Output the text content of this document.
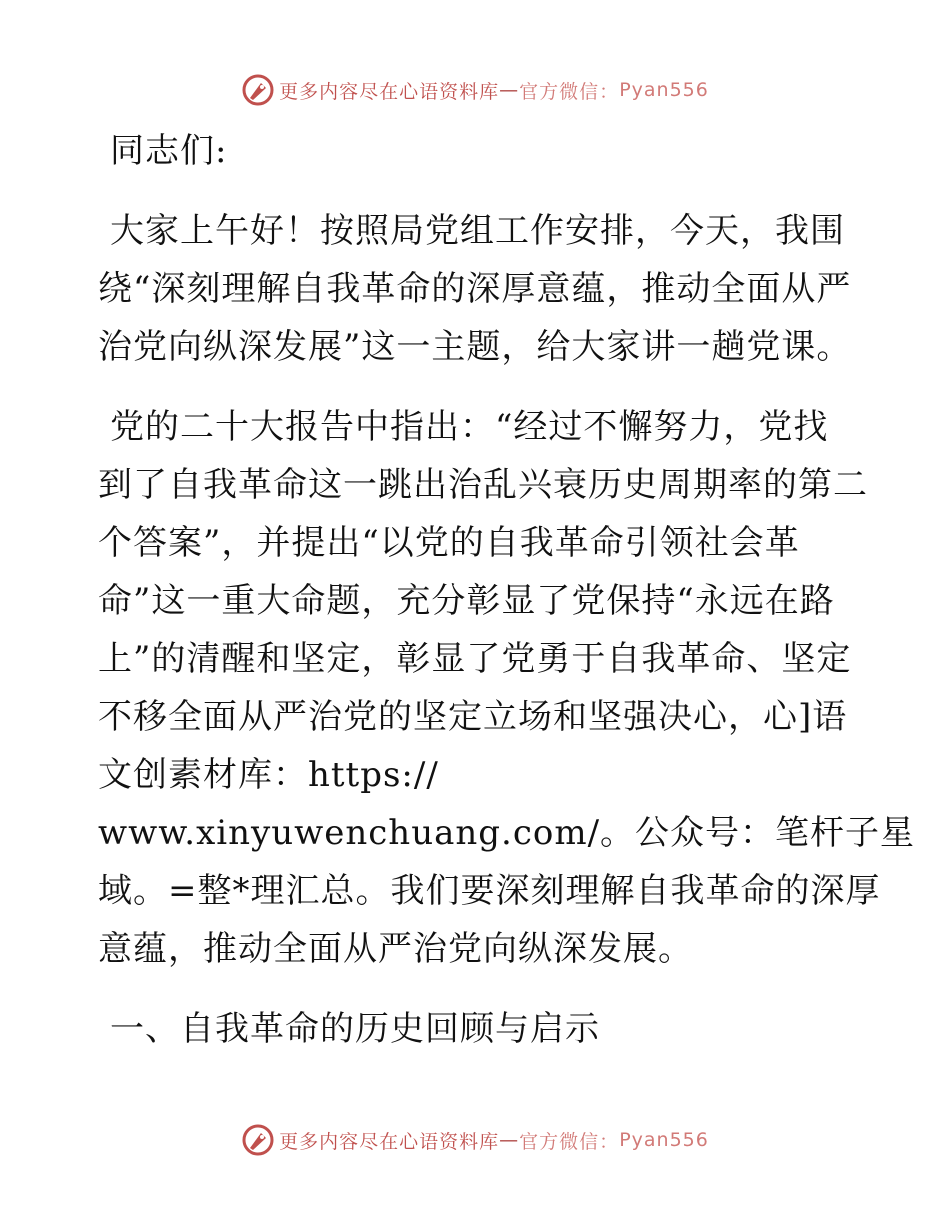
更多内容尽在心语资料库 — 官方微信： Pyan556
同志们:
大家上午好！按照局党组工作安排，今天，我围
绕“深刻理解自我革命的深厚意蕴，推动全面从严
治党向纵深发展”这一主题，给大家讲一趟党课。
党的二十大报告中指出：“经过不懈努力，党找
到了自我革命这一跳出治乱兴衰历史周期率的第二
个答案”，并提出“以党的自我革命引领社会革
命”这一重大命题，充分彰显了党保持“永远在路
上”的清醒和坚定，彰显了党勇于自我革命、坚定
不移全面从严治党的坚定立场和坚强决心，心]语
文创素材库：https://
www.xinyuwenchuang.com/。公众号：笔杆子星
域。=整*理汇总。我们要深刻理解自我革命的深厚
意蕴，推动全面从严治党向纵深发展。
一、自我革命的历史回顾与启示
更多内容尽在心语资料库 — 官方微信： Pyan556
